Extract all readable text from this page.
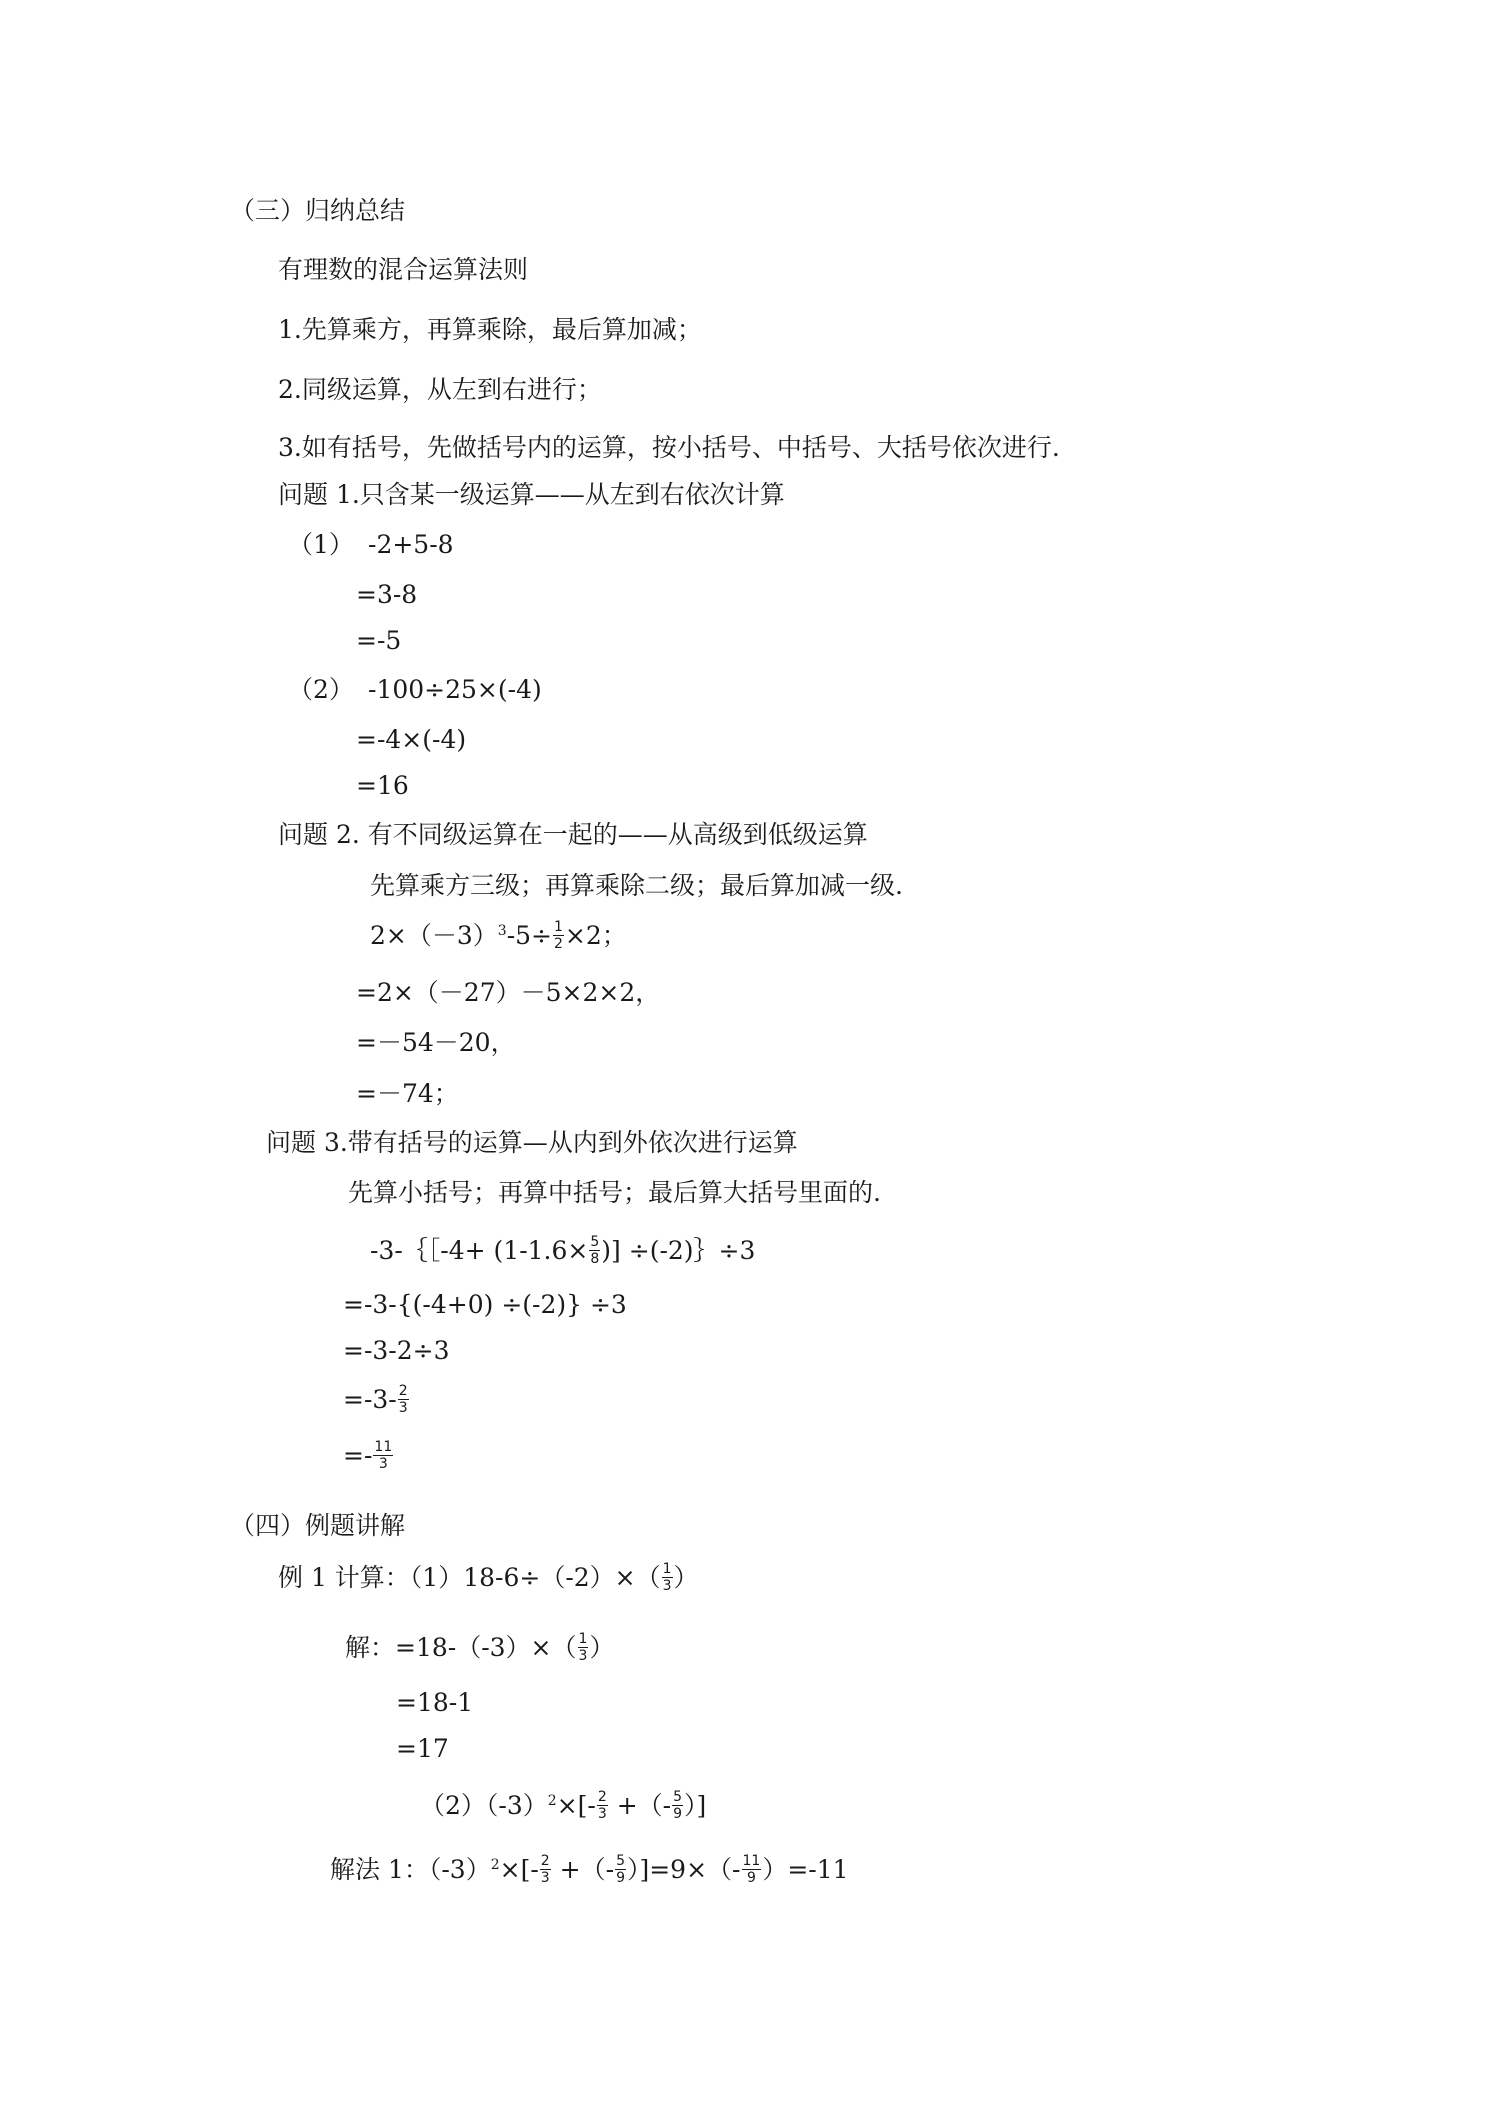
（三）归纳总结
有理数的混合运算法则
1.先算乘方，再算乘除，最后算加减；
2.同级运算，从左到右进行；
3.如有括号，先做括号内的运算，按小括号、中括号、大括号依次进行.
问题 1.只含某一级运算——从左到右依次计算
（1） -2+5-8
=3-8
=-5
（2） -100÷25×(-4)
=-4×(-4)
=16
问题 2. 有不同级运算在一起的——从高级到低级运算
先算乘方三级；再算乘除二级；最后算加减一级.
$2\times(-3)^3-5\div \frac{1}{2} \times 2$；
=2×（－27）－5×2×2，
=－54－20，
=－74；
问题 3.带有括号的运算—从内到外依次进行运算
先算小括号；再算中括号；最后算大括号里面的.
-3-｛［-4+ ($1-1.6\times \frac{5}{8}$ )] ÷(-2)｝÷3
=-3-{(-4+0) ÷(-2)} ÷3
=-3-2÷3
$=-3- \frac{2}{3}$
=- $\frac{11}{3}$
（四）例题讲解
例 1 计算：$(1)18-6\div(-2)\times( \frac{1}{3}$ ）
解：$=18-(-3)\times( \frac{1}{3}$ ）
=18-1
=17
$(2)(-3)^2\times[- \frac{2}{3}$ +（- $\frac{5}{9}$ ）]
解法 1：$(-3)^2\times[- \frac{2}{3}$ +（- $\frac{5}{9} )]=9\times(- \frac{11}{9} )=-11$
